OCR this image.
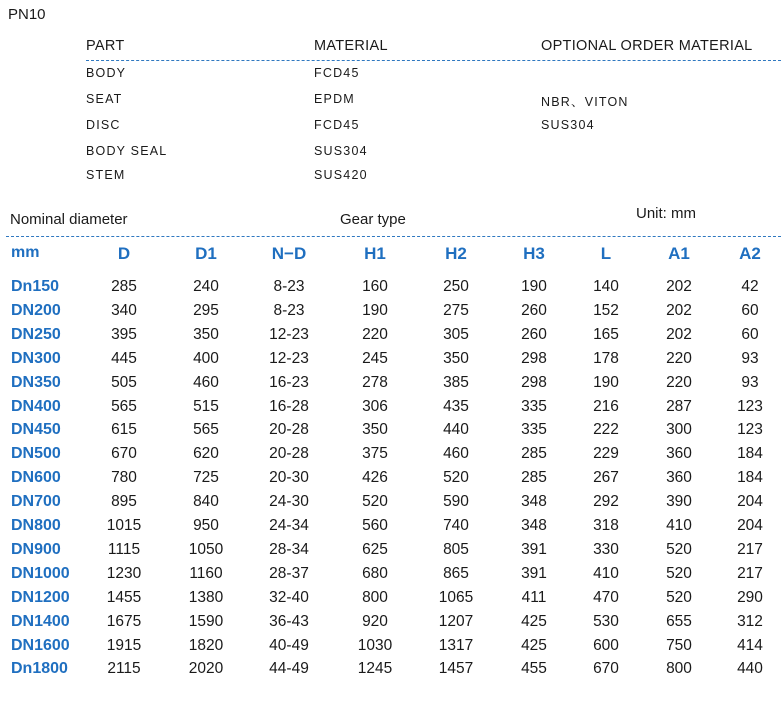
PN10
PART	MATERIAL	OPTIONAL ORDER MATERIAL
BODY	FCD45
SEAT	EPDM	NBR、VITON
DISC	FCD45	SUS304
BODY SEAL	SUS304
STEM	SUS420
Nominal diameter	Gear type	Unit: mm
mm	D	D1	N−D	H1	H2	H3	L	A1	A2
Dn150	285	240	8-23	160	250	190	140	202	42
DN200	340	295	8-23	190	275	260	152	202	60
DN250	395	350	12-23	220	305	260	165	202	60
DN300	445	400	12-23	245	350	298	178	220	93
DN350	505	460	16-23	278	385	298	190	220	93
DN400	565	515	16-28	306	435	335	216	287	123
DN450	615	565	20-28	350	440	335	222	300	123
DN500	670	620	20-28	375	460	285	229	360	184
DN600	780	725	20-30	426	520	285	267	360	184
DN700	895	840	24-30	520	590	348	292	390	204
DN800	1015	950	24-34	560	740	348	318	410	204
DN900	1115	1050	28-34	625	805	391	330	520	217
DN1000 1230	1160	28-37	680	865	391	410	520	217
DN1200 1455	1380	32-40	800	1065	411	470	520	290
DN1400 1675	1590	36-43	920	1207	425	530	655	312
DN1600 1915	1820	40-49	1030	1317	425	600	750	414
Dn1800	2115	2020	44-49	1245	1457	455	670	800	440
